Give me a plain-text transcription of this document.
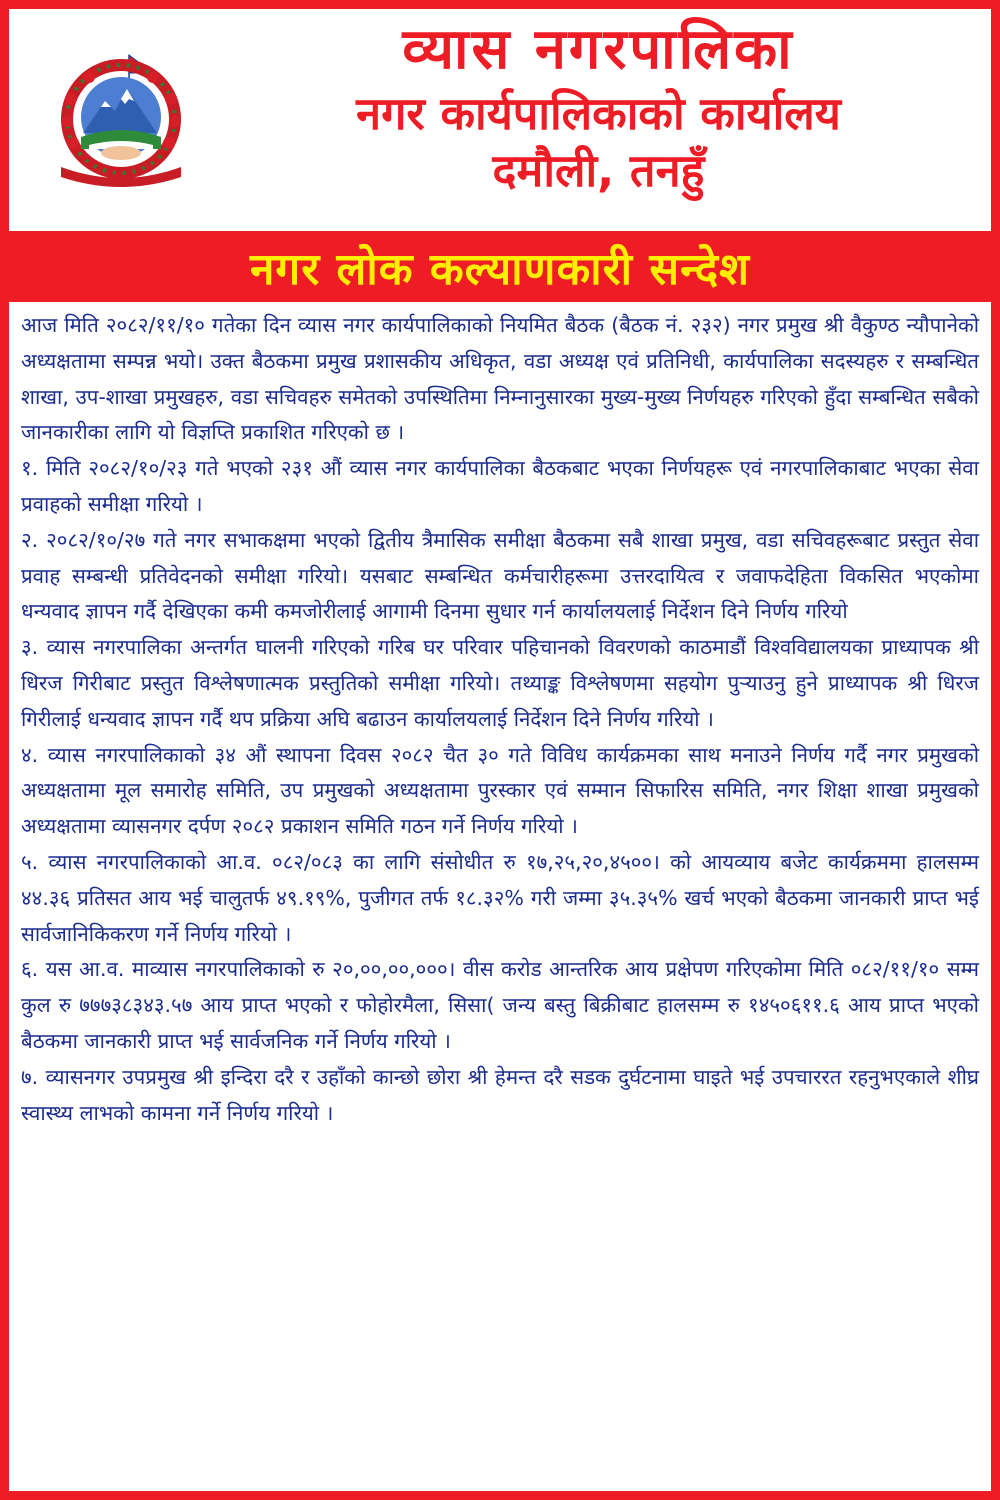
व्यास नगरपालिका
नगर कार्यपालिकाको कार्यालय
दमौली, तनहुँ
नगर लोक कल्याणकारी सन्देश

आज मिति २०८२/११/१० गतेका दिन व्यास नगर कार्यपालिकाको नियमित बैठक (बैठक नं. २३२) नगर प्रमुख श्री वैकुण्ठ न्यौपानेको अध्यक्षतामा सम्पन्न भयो। उक्त बैठकमा प्रमुख प्रशासकीय अधिकृत, वडा अध्यक्ष एवं प्रतिनिधी, कार्यपालिका सदस्यहरु र सम्बन्धित शाखा, उप-शाखा प्रमुखहरु, वडा सचिवहरु समेतको उपस्थितिमा निम्नानुसारका मुख्य-मुख्य निर्णयहरु गरिएको हुँदा सम्बन्धित सबैको जानकारीका लागि यो विज्ञप्ति प्रकाशित गरिएको छ ।

१. मिति २०८२/१०/२३ गते भएको २३१ औं व्यास नगर कार्यपालिका बैठकबाट भएका निर्णयहरू एवं नगरपालिकाबाट भएका सेवा प्रवाहको समीक्षा गरियो ।

२. २०८२/१०/२७ गते नगर सभाकक्षमा भएको द्वितीय त्रैमासिक समीक्षा बैठकमा सबै शाखा प्रमुख, वडा सचिवहरूबाट प्रस्तुत सेवा प्रवाह सम्बन्धी प्रतिवेदनको समीक्षा गरियो। यसबाट सम्बन्धित कर्मचारीहरूमा उत्तरदायित्व र जवाफदेहिता विकसित भएकोमा धन्यवाद ज्ञापन गर्दै देखिएका कमी कमजोरीलाई आगामी दिनमा सुधार गर्न कार्यालयलाई निर्देशन दिने निर्णय गरियो

३. व्यास नगरपालिका अन्तर्गत घालनी गरिएको गरिब घर परिवार पहिचानको विवरणको काठमाडौं विश्वविद्यालयका प्राध्यापक श्री धिरज गिरीबाट प्रस्तुत विश्लेषणात्मक प्रस्तुतिको समीक्षा गरियो। तथ्याङ्क विश्लेषणमा सहयोग पुर्‍याउनु हुने प्राध्यापक श्री धिरज गिरीलाई धन्यवाद ज्ञापन गर्दै थप प्रक्रिया अघि बढाउन कार्यालयलाई निर्देशन दिने निर्णय गरियो ।

४. व्यास नगरपालिकाको ३४ औं स्थापना दिवस २०८२ चैत ३० गते विविध कार्यक्रमका साथ मनाउने निर्णय गर्दै नगर प्रमुखको अध्यक्षतामा मूल समारोह समिति, उप प्रमुखको अध्यक्षतामा पुरस्कार एवं सम्मान सिफारिस समिति, नगर शिक्षा शाखा प्रमुखको अध्यक्षतामा व्यासनगर दर्पण २०८२ प्रकाशन समिति गठन गर्ने निर्णय गरियो ।

५. व्यास नगरपालिकाको आ.व. ०८२/०८३ का लागि संसोधीत रु १७,२५,२०,४५००। को आयव्याय बजेट कार्यक्रममा हालसम्म ४४.३६ प्रतिसत आय भई चालुतर्फ ४९.१९%, पुजीगत तर्फ १८.३२% गरी जम्मा ३५.३५% खर्च भएको बैठकमा जानकारी प्राप्त भई सार्वजानिकिकरण गर्ने निर्णय गरियो ।

६. यस आ.व. माव्यास नगरपालिकाको रु २०,००,००,०००। वीस करोड आन्तरिक आय प्रक्षेपण गरिएकोमा मिति ०८२/११/१० सम्म कुल रु ७७७३८३४३.५७ आय प्राप्त भएको र फोहोरमैला, सिसा( जन्य बस्तु बिक्रीबाट हालसम्म रु १४५०६११.६ आय प्राप्त भएको बैठकमा जानकारी प्राप्त भई सार्वजनिक गर्ने निर्णय गरियो ।

७. व्यासनगर उपप्रमुख श्री इन्दिरा दरै र उहाँको कान्छो छोरा श्री हेमन्त दरै सडक दुर्घटनामा घाइते भई उपचाररत रहनुभएकाले शीघ्र स्वास्थ्य लाभको कामना गर्ने निर्णय गरियो ।
